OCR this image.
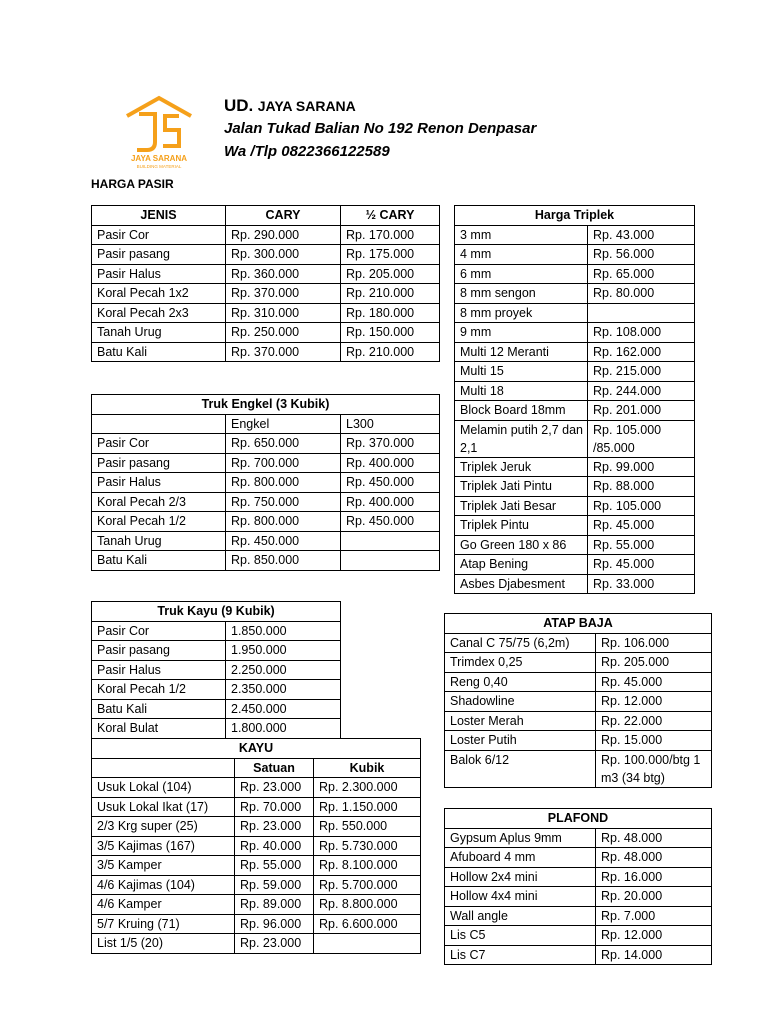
JAYA SARANA
BUILDING MATERIAL
UD. JAYA SARANA
Jalan Tukad Balian No 192 Renon Denpasar
Wa /Tlp 0822366122589
HARGA PASIR
JENIS	CARY	½ CARY
Pasir Cor	Rp. 290.000	Rp. 170.000
Pasir pasang	Rp. 300.000	Rp. 175.000
Pasir Halus	Rp. 360.000	Rp. 205.000
Koral Pecah 1x2	Rp. 370.000	Rp. 210.000
Koral Pecah 2x3	Rp. 310.000	Rp. 180.000
Tanah Urug	Rp. 250.000	Rp. 150.000
Batu Kali	Rp. 370.000	Rp. 210.000
Truk Engkel (3 Kubik)		
	Engkel	L300
Pasir Cor	Rp. 650.000	Rp. 370.000
Pasir pasang	Rp. 700.000	Rp. 400.000
Pasir Halus	Rp. 800.000	Rp. 450.000
Koral Pecah 2/3	Rp. 750.000	Rp. 400.000
Koral Pecah 1/2	Rp. 800.000	Rp. 450.000
Tanah Urug	Rp. 450.000	
Batu Kali	Rp. 850.000	
Truk Kayu (9 Kubik)	
Pasir Cor	1.850.000
Pasir pasang	1.950.000
Pasir Halus	2.250.000
Koral Pecah 1/2	2.350.000
Batu Kali	2.450.000
Koral Bulat	1.800.000
KAYU		
	Satuan	Kubik
Usuk Lokal (104)	Rp. 23.000	Rp. 2.300.000
Usuk Lokal Ikat (17)	Rp. 70.000	Rp. 1.150.000
2/3 Krg super (25)	Rp. 23.000	Rp. 550.000
3/5 Kajimas (167)	Rp. 40.000	Rp. 5.730.000
3/5 Kamper	Rp. 55.000	Rp. 8.100.000
4/6 Kajimas (104)	Rp. 59.000	Rp. 5.700.000
4/6 Kamper	Rp. 89.000	Rp. 8.800.000
5/7 Kruing (71)	Rp. 96.000	Rp. 6.600.000
List 1/5 (20)	Rp. 23.000	
Harga Triplek	
3 mm	Rp. 43.000
4 mm	Rp. 56.000
6 mm	Rp. 65.000
8 mm sengon	Rp. 80.000
8 mm proyek	
9 mm	Rp. 108.000
Multi 12 Meranti	Rp. 162.000
Multi 15	Rp. 215.000
Multi 18	Rp. 244.000
Block Board 18mm	Rp. 201.000
Melamin putih 2,7 dan 2,1	Rp. 105.000 /85.000
Triplek Jeruk	Rp. 99.000
Triplek Jati Pintu	Rp. 88.000
Triplek Jati Besar	Rp. 105.000
Triplek Pintu	Rp. 45.000
Go Green 180 x 86	Rp. 55.000
Atap Bening	Rp. 45.000
Asbes Djabesment	Rp. 33.000
ATAP BAJA	
Canal C 75/75 (6,2m)	Rp. 106.000
Trimdex 0,25	Rp. 205.000
Reng 0,40	Rp. 45.000
Shadowline	Rp. 12.000
Loster Merah	Rp. 22.000
Loster Putih	Rp. 15.000
Balok 6/12	Rp. 100.000/btg 1 m3 (34 btg)
PLAFOND	
Gypsum Aplus 9mm	Rp. 48.000
Afuboard 4 mm	Rp. 48.000
Hollow 2x4 mini	Rp. 16.000
Hollow 4x4 mini	Rp. 20.000
Wall angle	Rp. 7.000
Lis C5	Rp. 12.000
Lis C7	Rp. 14.000
